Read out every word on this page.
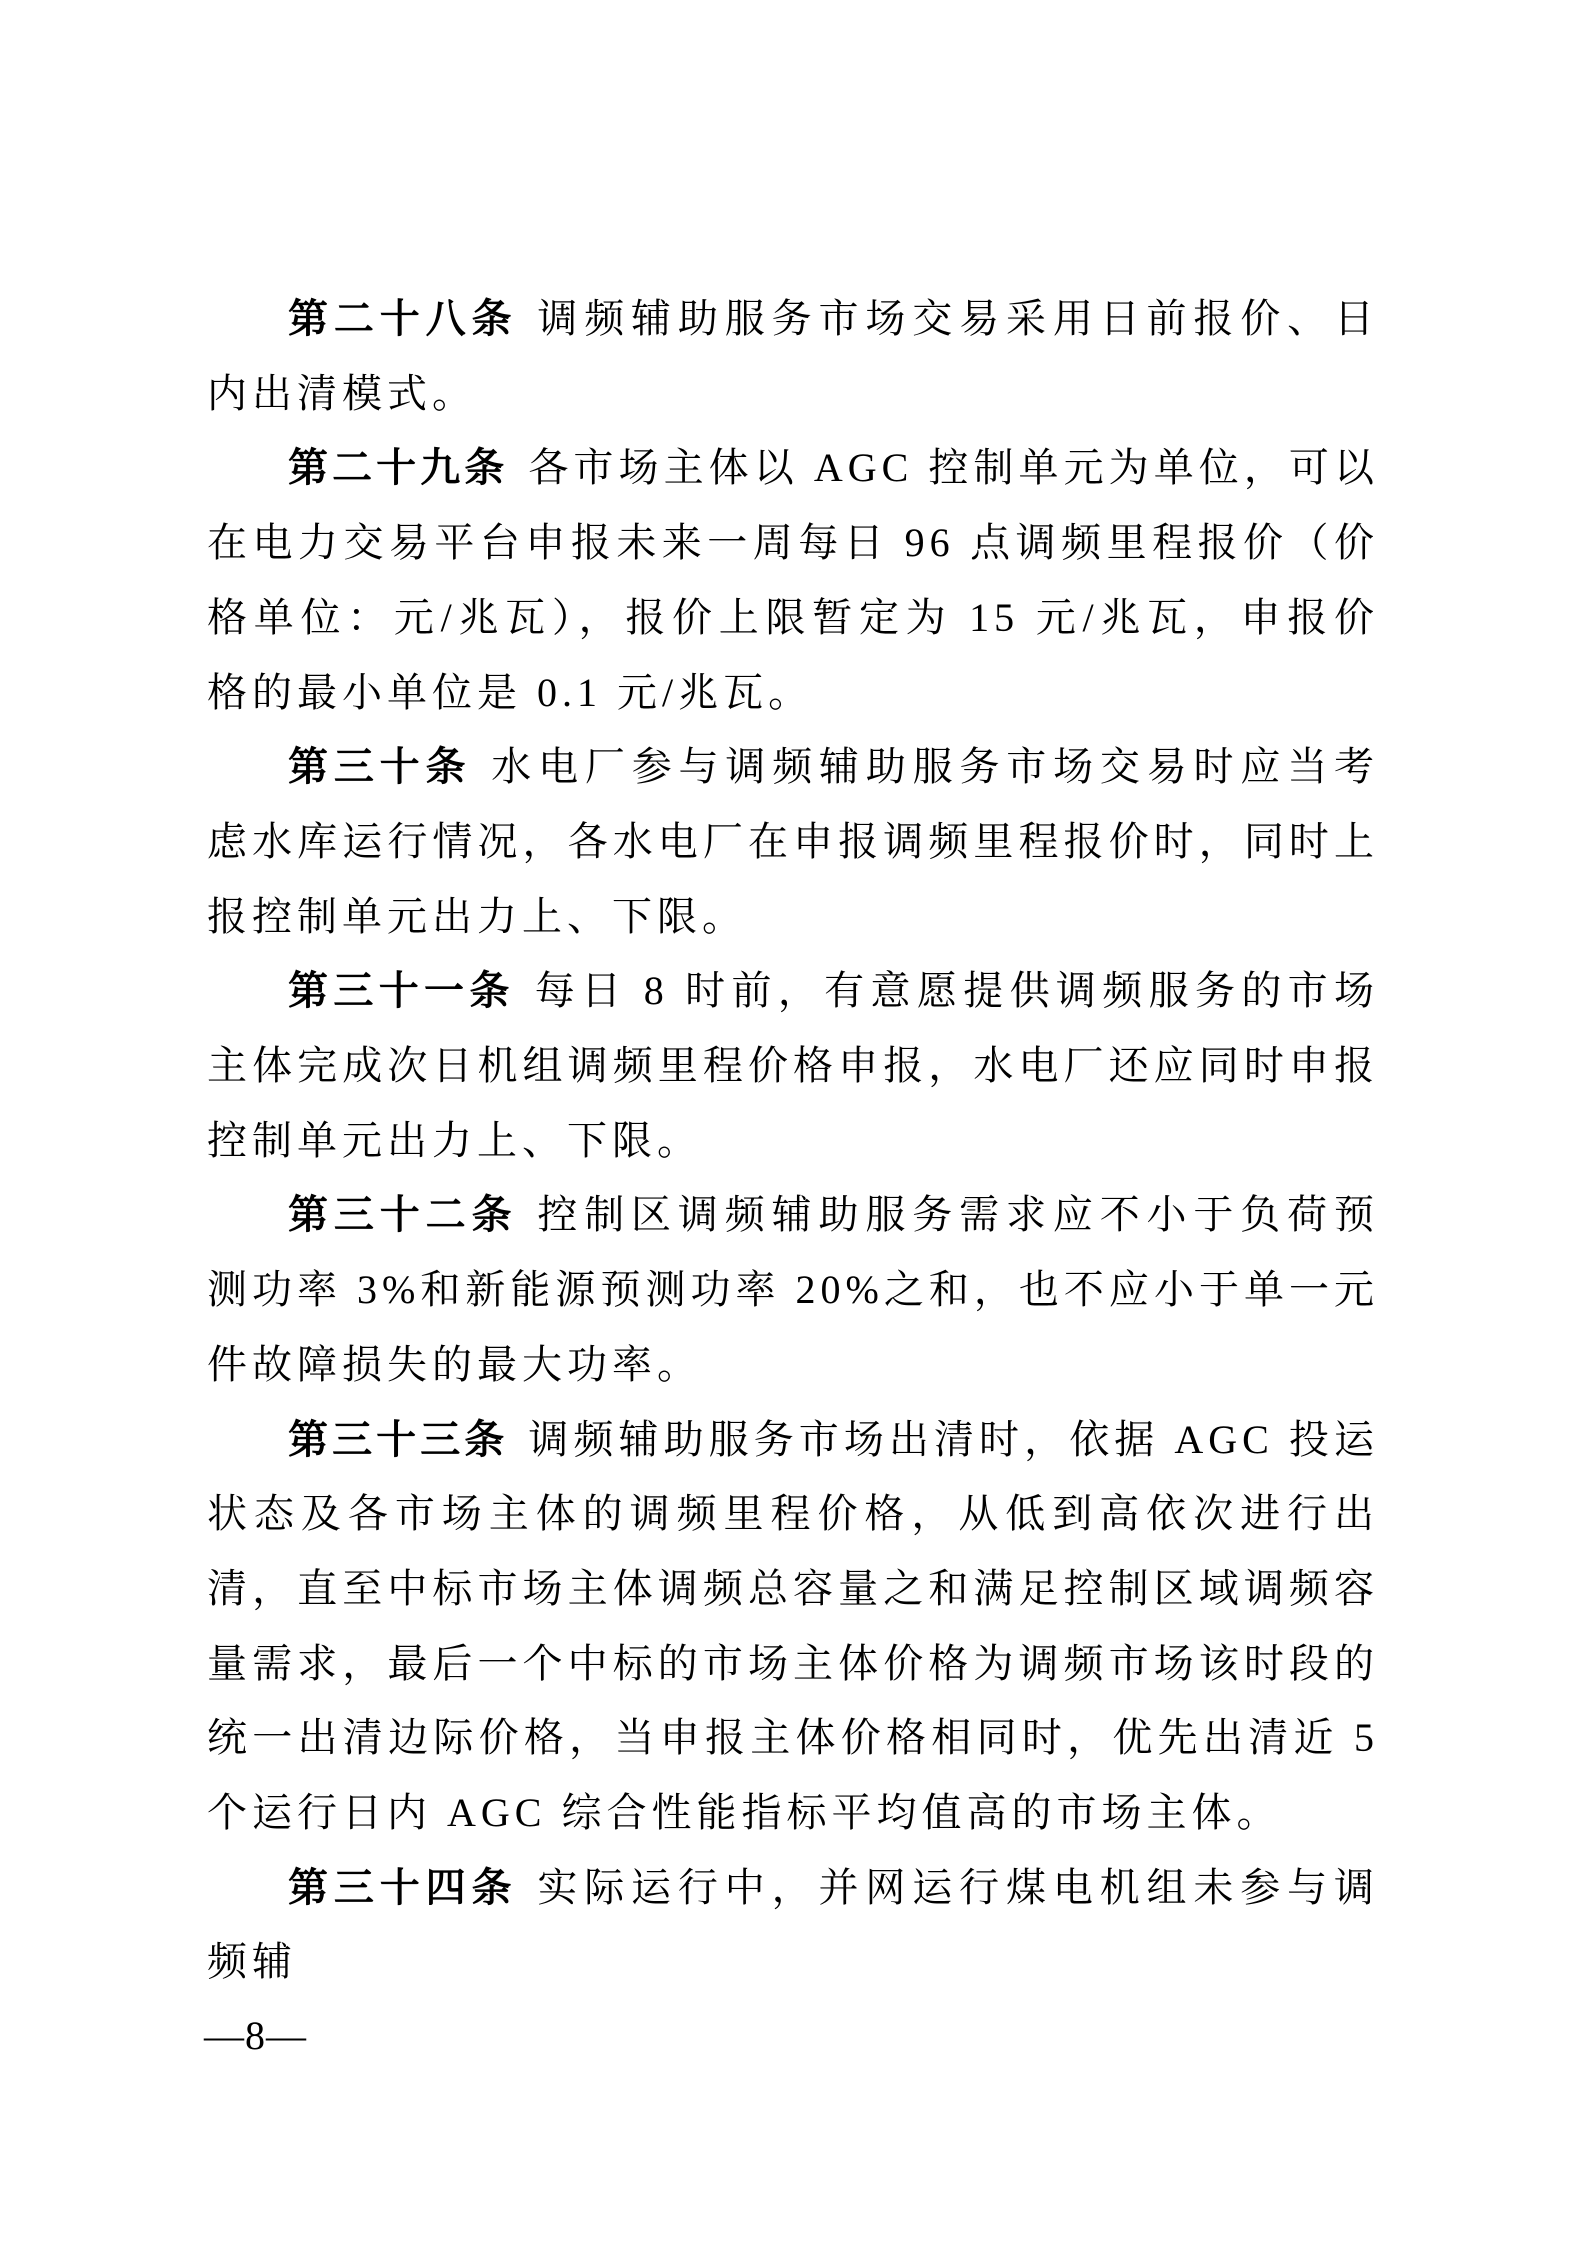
第二十八条 调频辅助服务市场交易采用日前报价、日内出清模式。

第二十九条 各市场主体以 AGC 控制单元为单位，可以在电力交易平台申报未来一周每日 96 点调频里程报价（价格单位：元/兆瓦），报价上限暂定为 15 元/兆瓦，申报价格的最小单位是 0.1 元/兆瓦。

第三十条 水电厂参与调频辅助服务市场交易时应当考虑水库运行情况，各水电厂在申报调频里程报价时，同时上报控制单元出力上、下限。

第三十一条 每日 8 时前，有意愿提供调频服务的市场主体完成次日机组调频里程价格申报，水电厂还应同时申报控制单元出力上、下限。

第三十二条 控制区调频辅助服务需求应不小于负荷预测功率 3%和新能源预测功率 20%之和，也不应小于单一元件故障损失的最大功率。

第三十三条 调频辅助服务市场出清时，依据 AGC 投运状态及各市场主体的调频里程价格，从低到高依次进行出清，直至中标市场主体调频总容量之和满足控制区域调频容量需求，最后一个中标的市场主体价格为调频市场该时段的统一出清边际价格，当申报主体价格相同时，优先出清近 5 个运行日内 AGC 综合性能指标平均值高的市场主体。

第三十四条 实际运行中，并网运行煤电机组未参与调频辅

—8—
